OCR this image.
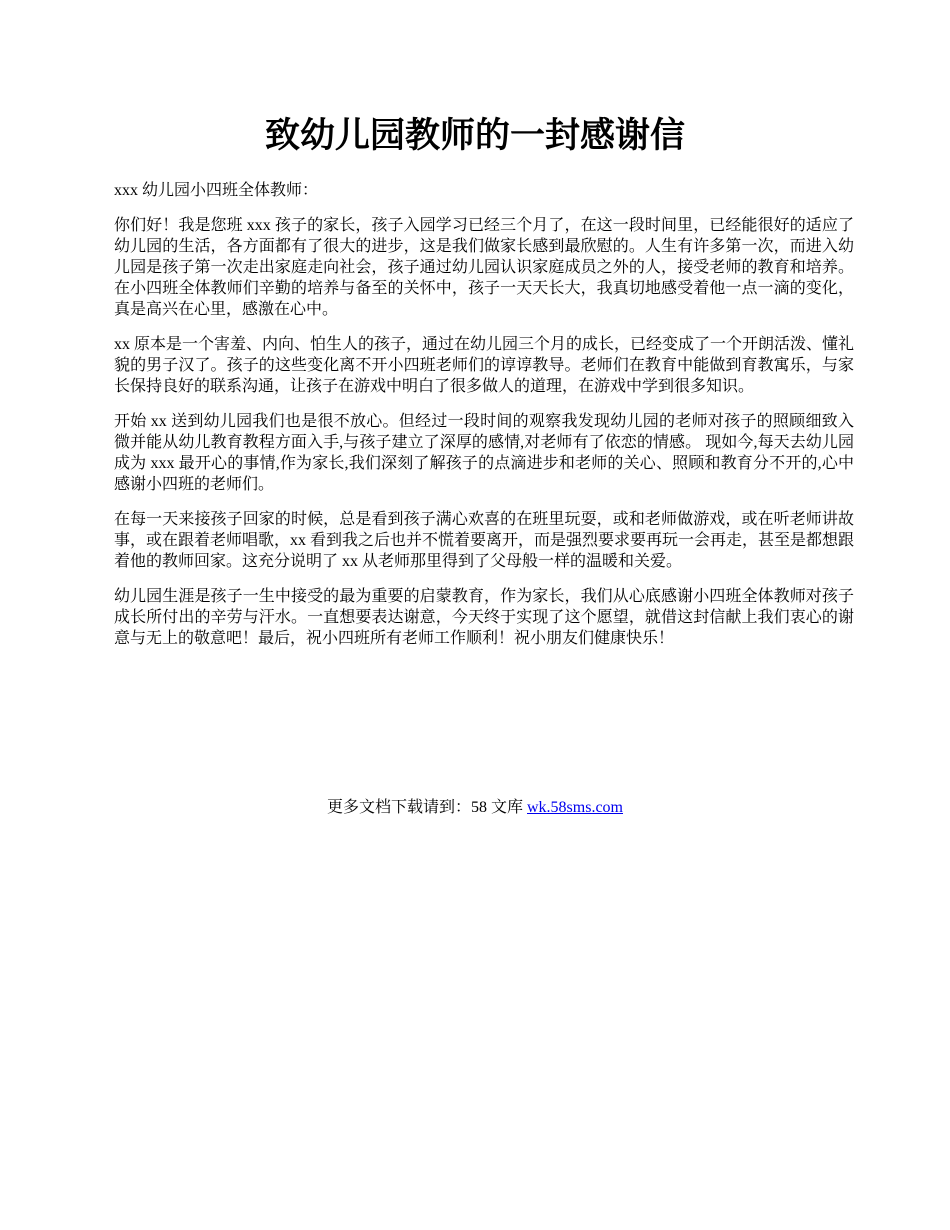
致幼儿园教师的一封感谢信

xxx 幼儿园小四班全体教师：

你们好！我是您班 xxx 孩子的家长，孩子入园学习已经三个月了，在这一段时间里，已经能很好的适应了幼儿园的生活，各方面都有了很大的进步，这是我们做家长感到最欣慰的。人生有许多第一次，而进入幼儿园是孩子第一次走出家庭走向社会，孩子通过幼儿园认识家庭成员之外的人，接受老师的教育和培养。在小四班全体教师们辛勤的培养与备至的关怀中，孩子一天天长大，我真切地感受着他一点一滴的变化，真是高兴在心里，感激在心中。

xx 原本是一个害羞、内向、怕生人的孩子，通过在幼儿园三个月的成长，已经变成了一个开朗活泼、懂礼貌的男子汉了。孩子的这些变化离不开小四班老师们的谆谆教导。老师们在教育中能做到育教寓乐，与家长保持良好的联系沟通，让孩子在游戏中明白了很多做人的道理，在游戏中学到很多知识。

开始 xx 送到幼儿园我们也是很不放心。但经过一段时间的观察我发现幼儿园的老师对孩子的照顾细致入微并能从幼儿教育教程方面入手,与孩子建立了深厚的感情,对老师有了依恋的情感。 现如今,每天去幼儿园成为 xxx 最开心的事情,作为家长,我们深刻了解孩子的点滴进步和老师的关心、照顾和教育分不开的,心中感谢小四班的老师们。

在每一天来接孩子回家的时候，总是看到孩子满心欢喜的在班里玩耍，或和老师做游戏，或在听老师讲故事，或在跟着老师唱歌，xx 看到我之后也并不慌着要离开，而是强烈要求要再玩一会再走，甚至是都想跟着他的教师回家。这充分说明了 xx 从老师那里得到了父母般一样的温暖和关爱。

幼儿园生涯是孩子一生中接受的最为重要的启蒙教育，作为家长，我们从心底感谢小四班全体教师对孩子成长所付出的辛劳与汗水。一直想要表达谢意，今天终于实现了这个愿望，就借这封信献上我们衷心的谢意与无上的敬意吧！最后，祝小四班所有老师工作顺利！祝小朋友们健康快乐！

更多文档下载请到：58 文库 wk.58sms.com
